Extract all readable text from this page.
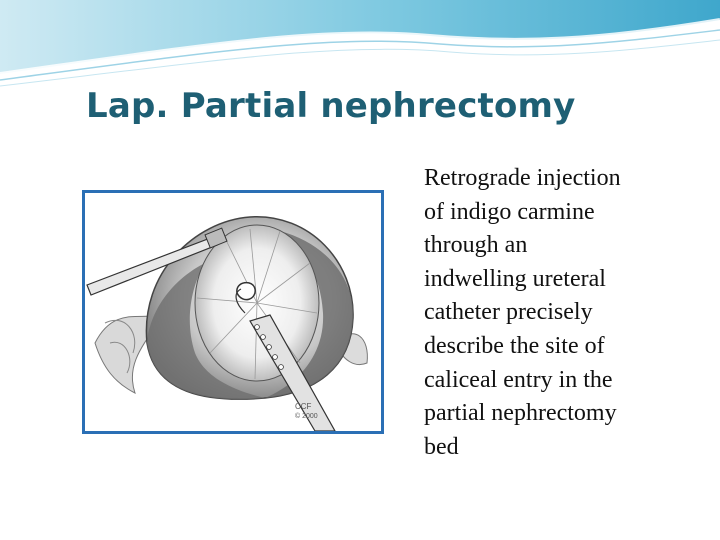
Lap. Partial nephrectomy
CCF
© 2000

Retrograde injection
of indigo carmine
through an
indwelling ureteral
catheter precisely
describe the site of
caliceal entry in the
partial nephrectomy
bed
